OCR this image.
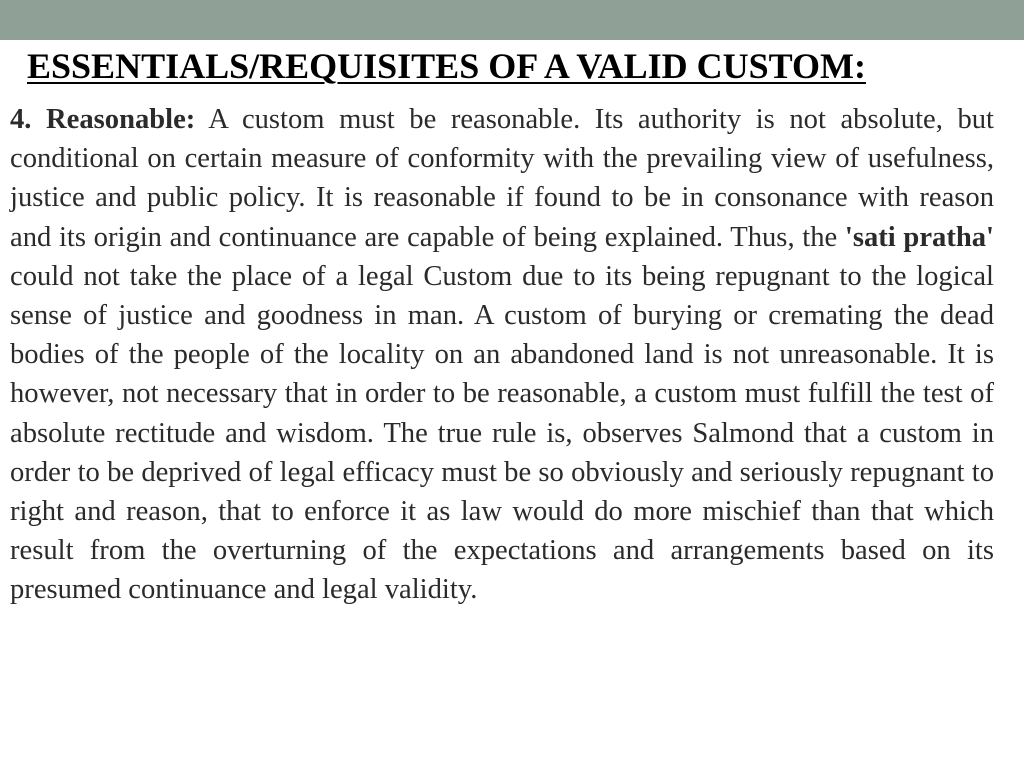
ESSENTIALS/REQUISITES OF A VALID CUSTOM:

4. Reasonable: A custom must be reasonable. Its authority is not absolute, but conditional on certain measure of conformity with the prevailing view of usefulness, justice and public policy. It is reasonable if found to be in consonance with reason and its origin and continuance are capable of being explained. Thus, the 'sati pratha' could not take the place of a legal Custom due to its being repugnant to the logical sense of justice and goodness in man. A custom of burying or cremating the dead bodies of the people of the locality on an abandoned land is not unreasonable. It is however, not necessary that in order to be reasonable, a custom must fulfill the test of absolute rectitude and wisdom. The true rule is, observes Salmond that a custom in order to be deprived of legal efficacy must be so obviously and seriously repugnant to right and reason, that to enforce it as law would do more mischief than that which result from the overturning of the expectations and arrangements based on its presumed continuance and legal validity.
